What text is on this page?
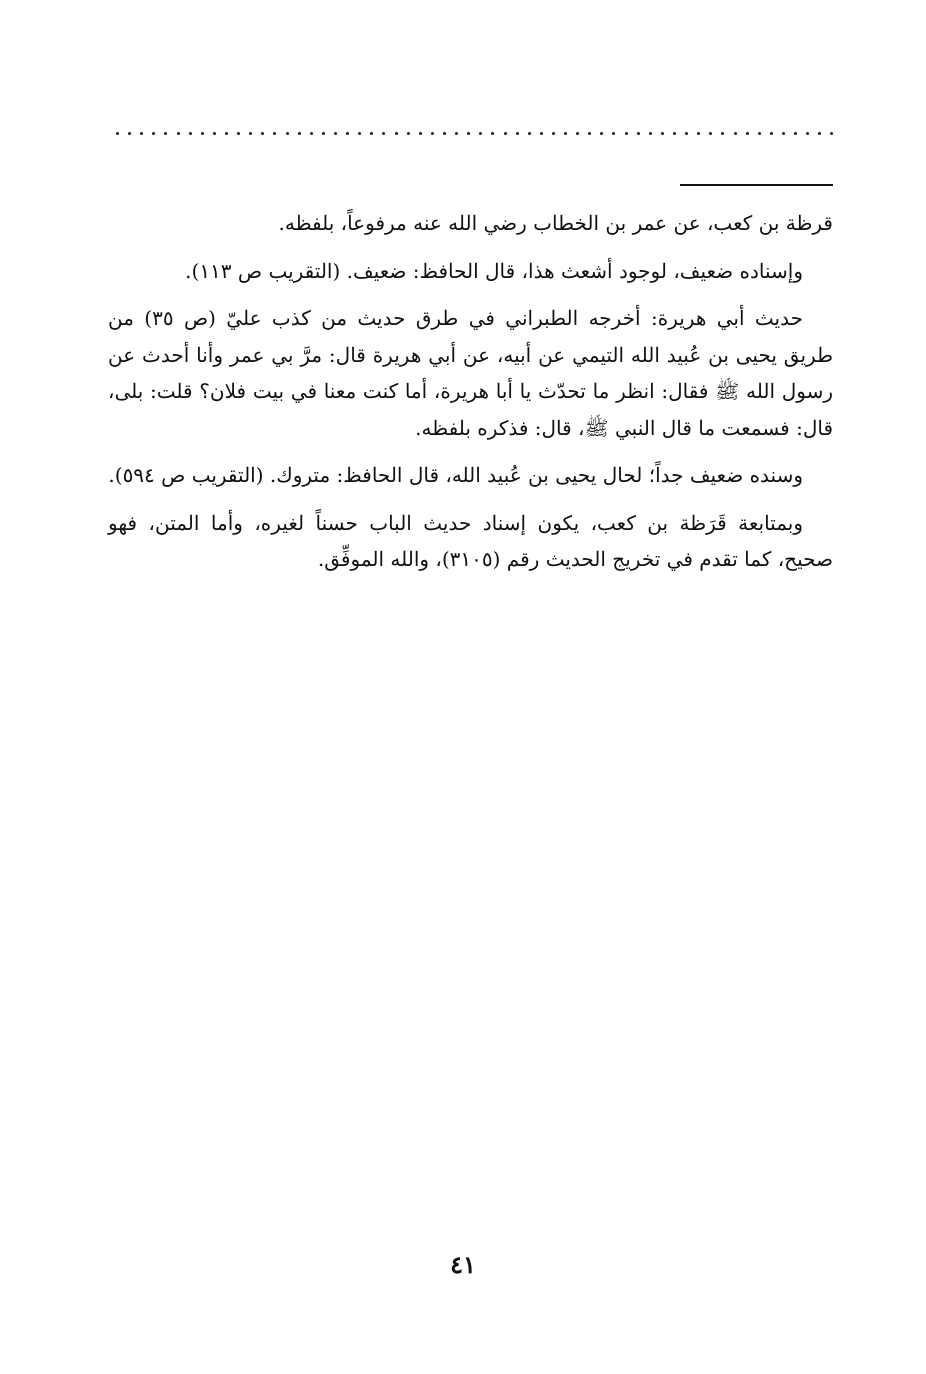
قرظة بن كعب، عن عمر بن الخطاب رضي الله عنه مرفوعاً، بلفظه.

وإسناده ضعيف، لوجود أشعث هذا، قال الحافظ: ضعيف. (التقريب ص ١١٣).

حديث أبي هريرة: أخرجه الطبراني في طرق حديث من كذب عليّ (ص ٣٥) من طريق يحيى بن عُبيد الله التيمي عن أبيه، عن أبي هريرة قال: مرَّ بي عمر وأنا أحدث عن رسول الله ﷺ فقال: انظر ما تحدّث يا أبا هريرة، أما كنت معنا في بيت فلان؟ قلت: بلى، قال: فسمعت ما قال النبي ﷺ، قال: فذكره بلفظه.

وسنده ضعيف جداً؛ لحال يحيى بن عُبيد الله، قال الحافظ: متروك. (التقريب ص ٥٩٤).

وبمتابعة قَرَظة بن كعب، يكون إسناد حديث الباب حسناً لغيره، وأما المتن، فهو صحيح، كما تقدم في تخريج الحديث رقم (٣١٠٥)، والله الموفِّق.

٤١
